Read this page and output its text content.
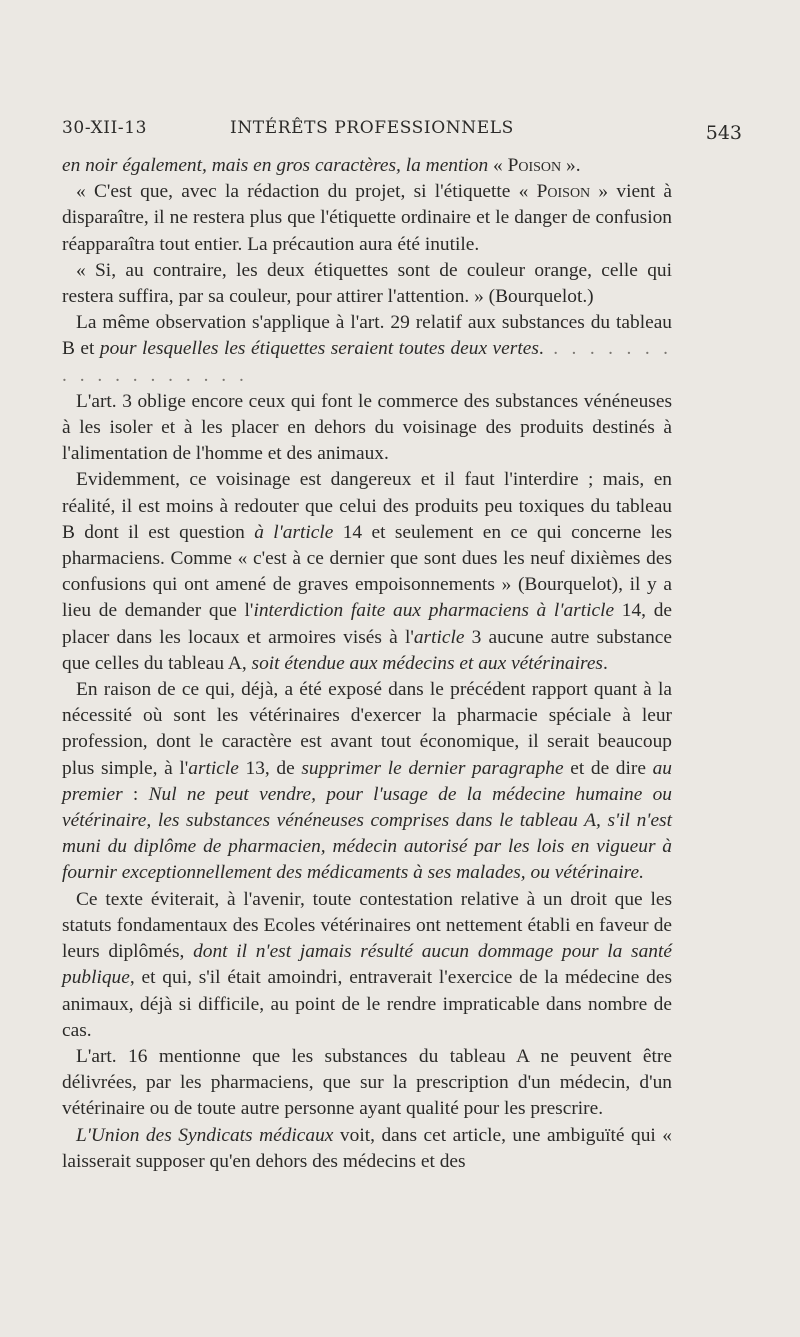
30-XII-13	INTÉRÊTS PROFESSIONNELS	543

en noir également, mais en gros caractères, la mention « Poison ».

« C'est que, avec la rédaction du projet, si l'étiquette « Poison » vient à disparaître, il ne restera plus que l'étiquette ordinaire et le danger de confusion réapparaîtra tout entier. La précaution aura été inutile.

« Si, au contraire, les deux étiquettes sont de couleur orange, celle qui restera suffira, par sa couleur, pour attirer l'attention. » (Bourquelot.)

La même observation s'applique à l'art. 29 relatif aux substances du tableau B et pour lesquelles les étiquettes seraient toutes deux vertes. . . . . . . . . . . . . . . . . . .

L'art. 3 oblige encore ceux qui font le commerce des substances vénéneuses à les isoler et à les placer en dehors du voisinage des produits destinés à l'alimentation de l'homme et des animaux.

Evidemment, ce voisinage est dangereux et il faut l'interdire ; mais, en réalité, il est moins à redouter que celui des produits peu toxiques du tableau B dont il est question à l'article 14 et seulement en ce qui concerne les pharmaciens. Comme « c'est à ce dernier que sont dues les neuf dixièmes des confusions qui ont amené de graves empoisonnements » (Bourquelot), il y a lieu de demander que l'interdiction faite aux pharmaciens à l'article 14, de placer dans les locaux et armoires visés à l'article 3 aucune autre substance que celles du tableau A, soit étendue aux médecins et aux vétérinaires.

En raison de ce qui, déjà, a été exposé dans le précédent rapport quant à la nécessité où sont les vétérinaires d'exercer la pharmacie spéciale à leur profession, dont le caractère est avant tout économique, il serait beaucoup plus simple, à l'article 13, de supprimer le dernier paragraphe et de dire au premier : Nul ne peut vendre, pour l'usage de la médecine humaine ou vétérinaire, les substances vénéneuses comprises dans le tableau A, s'il n'est muni du diplôme de pharmacien, médecin autorisé par les lois en vigueur à fournir exceptionnellement des médicaments à ses malades, ou vétérinaire.

Ce texte éviterait, à l'avenir, toute contestation relative à un droit que les statuts fondamentaux des Ecoles vétérinaires ont nettement établi en faveur de leurs diplômés, dont il n'est jamais résulté aucun dommage pour la santé publique, et qui, s'il était amoindri, entraverait l'exercice de la médecine des animaux, déjà si difficile, au point de le rendre impraticable dans nombre de cas.

L'art. 16 mentionne que les substances du tableau A ne peuvent être délivrées, par les pharmaciens, que sur la prescription d'un médecin, d'un vétérinaire ou de toute autre personne ayant qualité pour les prescrire.

L'Union des Syndicats médicaux voit, dans cet article, une ambiguïté qui « laisserait supposer qu'en dehors des médecins et des
